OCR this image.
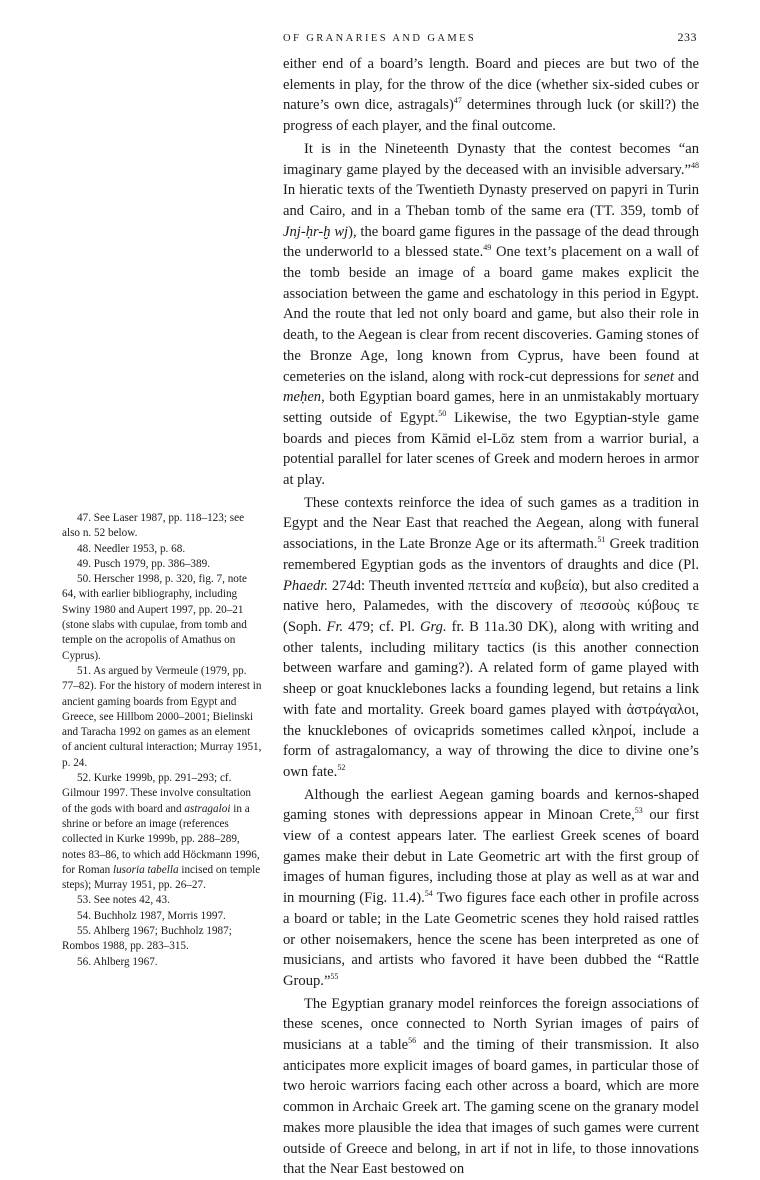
OF GRANARIES AND GAMES	233

either end of a board’s length. Board and pieces are but two of the elements in play, for the throw of the dice (whether six-sided cubes or nature’s own dice, astragals)$^{47}$ determines through luck (or skill?) the progress of each player, and the final outcome.

It is in the Nineteenth Dynasty that the contest becomes “an imaginary game played by the deceased with an invisible adversary.”$^{48}$ In hieratic texts of the Twentieth Dynasty preserved on papyri in Turin and Cairo, and in a Theban tomb of the same era (TT. 359, tomb of Jnj-ḥr-ḫ wj), the board game figures in the passage of the dead through the underworld to a blessed state.$^{49}$ One text’s placement on a wall of the tomb beside an image of a board game makes explicit the association between the game and eschatology in this period in Egypt. And the route that led not only board and game, but also their role in death, to the Aegean is clear from recent discoveries. Gaming stones of the Bronze Age, long known from Cyprus, have been found at cemeteries on the island, along with rock-cut depressions for senet and meḥen, both Egyptian board games, here in an unmistakably mortuary setting outside of Egypt.$^{50}$ Likewise, the two Egyptian-style game boards and pieces from Kāmid el-Lōz stem from a warrior burial, a potential parallel for later scenes of Greek and modern heroes in armor at play.

These contexts reinforce the idea of such games as a tradition in Egypt and the Near East that reached the Aegean, along with funeral associations, in the Late Bronze Age or its aftermath.$^{51}$ Greek tradition remembered Egyptian gods as the inventors of draughts and dice (Pl. Phaedr. 274d: Theuth invented πεττεία and κυβεία), but also credited a native hero, Palamedes, with the discovery of πεσσοὺς κύβους τε (Soph. Fr. 479; cf. Pl. Grg. fr. B 11a.30 DK), along with writing and other talents, including military tactics (is this another connection between warfare and gaming?). A related form of game played with sheep or goat knucklebones lacks a founding legend, but retains a link with fate and mortality. Greek board games played with ἀστράγαλοι, the knucklebones of ovicaprids sometimes called κληροί, include a form of astragalomancy, a way of throwing the dice to divine one’s own fate.$^{52}$

Although the earliest Aegean gaming boards and kernos-shaped gaming stones with depressions appear in Minoan Crete,$^{53}$ our first view of a contest appears later. The earliest Greek scenes of board games make their debut in Late Geometric art with the first group of images of human figures, including those at play as well as at war and in mourning (Fig. 11.4).$^{54}$ Two figures face each other in profile across a board or table; in the Late Geometric scenes they hold raised rattles or other noisemakers, hence the scene has been interpreted as one of musicians, and artists who favored it have been dubbed the “Rattle Group.”$^{55}$

The Egyptian granary model reinforces the foreign associations of these scenes, once connected to North Syrian images of pairs of musicians at a table$^{56}$ and the timing of their transmission. It also anticipates more explicit images of board games, in particular those of two heroic warriors facing each other across a board, which are more common in Archaic Greek art. The gaming scene on the granary model makes more plausible the idea that images of such games were current outside of Greece and belong, in art if not in life, to those innovations that the Near East bestowed on

47. See Laser 1987, pp. 118–123; see also n. 52 below.

48. Needler 1953, p. 68.

49. Pusch 1979, pp. 386–389.

50. Herscher 1998, p. 320, fig. 7, note 64, with earlier bibliography, including Swiny 1980 and Aupert 1997, pp. 20–21 (stone slabs with cupulae, from tomb and temple on the acropolis of Amathus on Cyprus).

51. As argued by Vermeule (1979, pp. 77–82). For the history of modern interest in ancient gaming boards from Egypt and Greece, see Hillbom 2000–2001; Bielinski and Taracha 1992 on games as an element of ancient cultural interaction; Murray 1951, p. 24.

52. Kurke 1999b, pp. 291–293; cf. Gilmour 1997. These involve consultation of the gods with board and astragaloi in a shrine or before an image (references collected in Kurke 1999b, pp. 288–289, notes 83–86, to which add Höckmann 1996, for Roman lusoria tabella incised on temple steps); Murray 1951, pp. 26–27.

53. See notes 42, 43.

54. Buchholz 1987, Morris 1997.

55. Ahlberg 1967; Buchholz 1987; Rombos 1988, pp. 283–315.

56. Ahlberg 1967.
